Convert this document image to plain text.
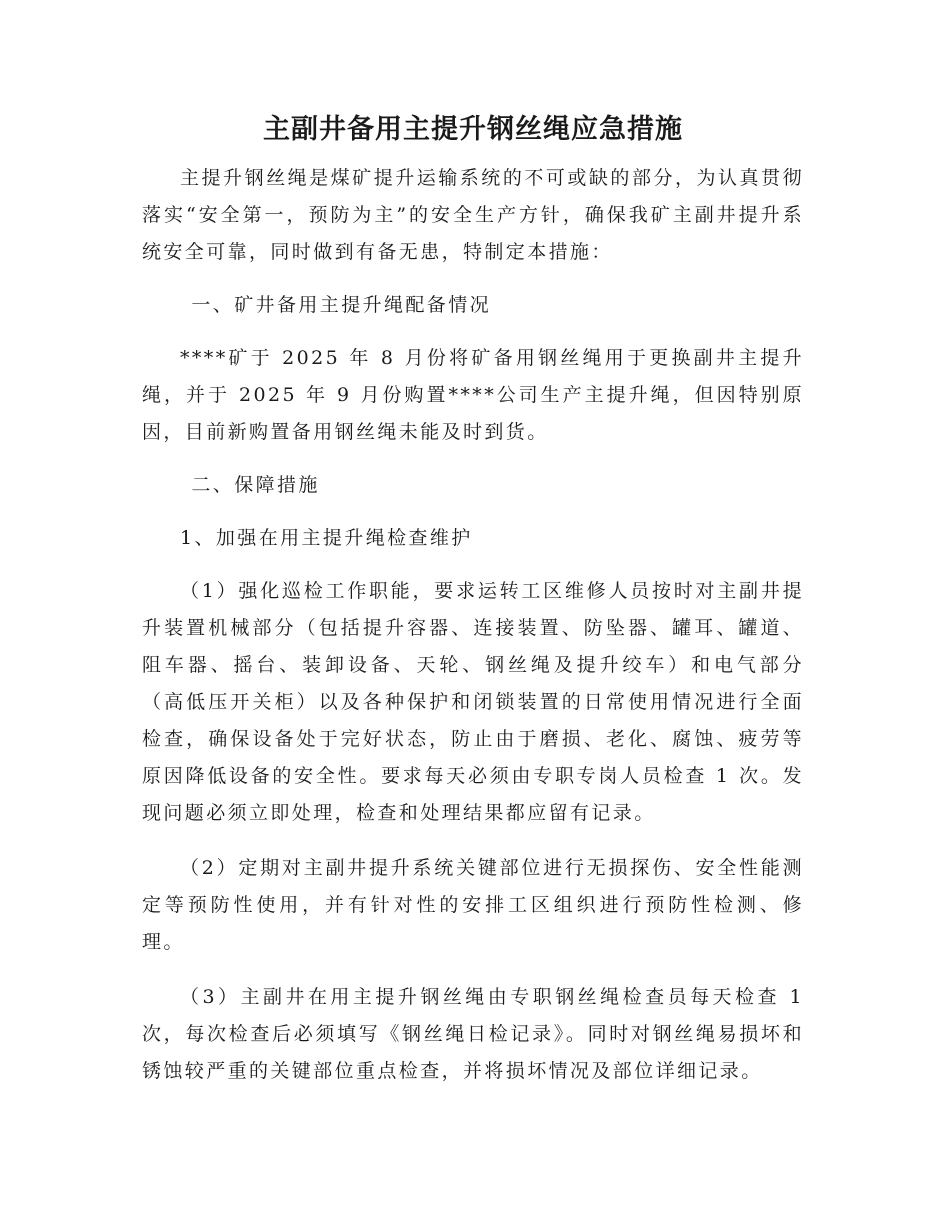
主副井备用主提升钢丝绳应急措施

主提升钢丝绳是煤矿提升运输系统的不可或缺的部分，为认真贯彻落实“安全第一，预防为主”的安全生产方针，确保我矿主副井提升系统安全可靠，同时做到有备无患，特制定本措施：

一、矿井备用主提升绳配备情况

****矿于 2025 年 8 月份将矿备用钢丝绳用于更换副井主提升绳，并于 2025 年 9 月份购置****公司生产主提升绳，但因特别原因，目前新购置备用钢丝绳未能及时到货。

二、保障措施

1、加强在用主提升绳检查维护

（1）强化巡检工作职能，要求运转工区维修人员按时对主副井提升装置机械部分（包括提升容器、连接装置、防坠器、罐耳、罐道、阻车器、摇台、装卸设备、天轮、钢丝绳及提升绞车）和电气部分（高低压开关柜）以及各种保护和闭锁装置的日常使用情况进行全面检查，确保设备处于完好状态，防止由于磨损、老化、腐蚀、疲劳等原因降低设备的安全性。要求每天必须由专职专岗人员检查 1 次。发现问题必须立即处理，检查和处理结果都应留有记录。

（2）定期对主副井提升系统关键部位进行无损探伤、安全性能测定等预防性使用，并有针对性的安排工区组织进行预防性检测、修理。

（3）主副井在用主提升钢丝绳由专职钢丝绳检查员每天检查 1 次，每次检查后必须填写《钢丝绳日检记录》。同时对钢丝绳易损坏和锈蚀较严重的关键部位重点检查，并将损坏情况及部位详细记录。
